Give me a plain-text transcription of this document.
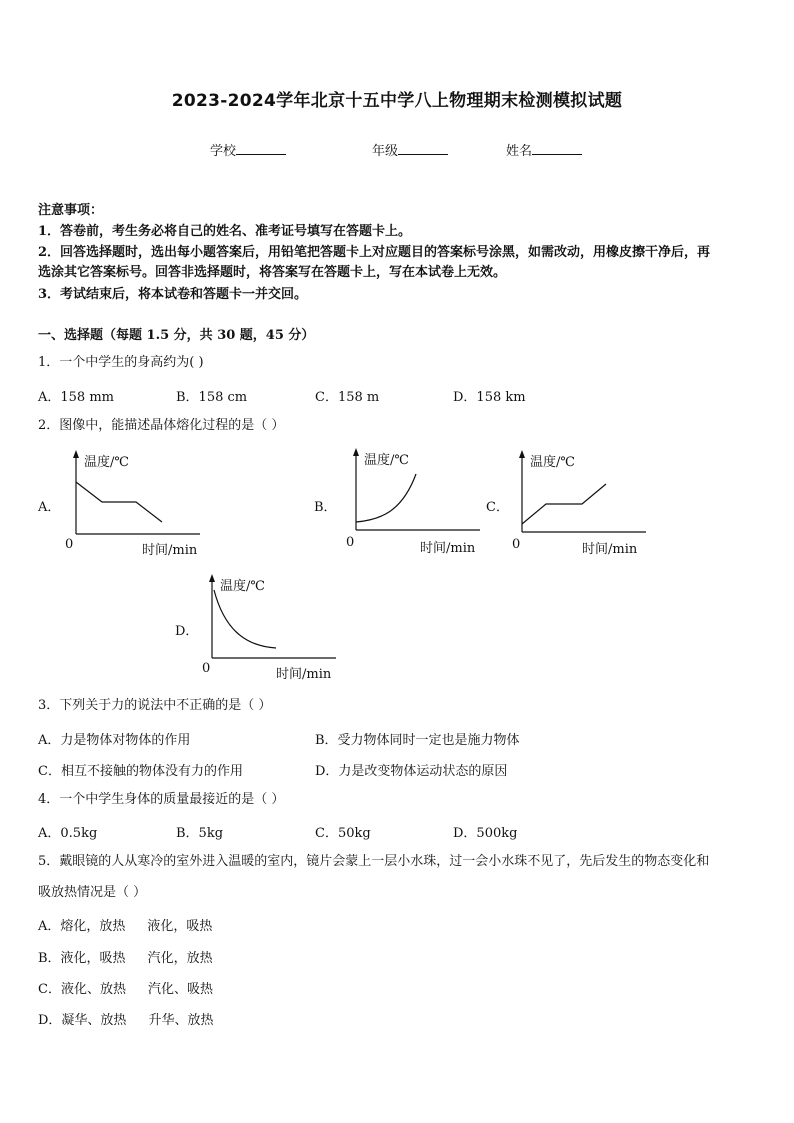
2023-2024学年北京十五中学八上物理期末检测模拟试题
学校	年级	姓名
注意事项：
1．答卷前，考生务必将自己的姓名、准考证号填写在答题卡上。
2．回答选择题时，选出每小题答案后，用铅笔把答题卡上对应题目的答案标号涂黑，如需改动，用橡皮擦干净后，再
选涂其它答案标号。回答非选择题时，将答案写在答题卡上，写在本试卷上无效。
3．考试结束后，将本试卷和答题卡一并交回。
一、选择题（每题 1.5 分，共 30 题，45 分）
1．一个中学生的身高约为( )
A．158 mm	B．158 cm	C．158 m	D．158 km
2．图像中，能描述晶体熔化过程的是（ ）
A．
温度/℃
0	时间/min
B．
温度/℃
0	时间/min
C．
温度/℃
0	时间/min
D．
温度/℃
0	时间/min
3．下列关于力的说法中不正确的是（ ）
A．力是物体对物体的作用	B．受力物体同时一定也是施力物体
C．相互不接触的物体没有力的作用	D．力是改变物体运动状态的原因
4．一个中学生身体的质量最接近的是（ ）
A．0.5kg	B．5kg	C．50kg	D．500kg
5．戴眼镜的人从寒冷的室外进入温暖的室内，镜片会蒙上一层小水珠，过一会小水珠不见了，先后发生的物态变化和
吸放热情况是（ ）
A．熔化，放热 液化，吸热
B．液化，吸热 汽化，放热
C．液化、放热 汽化、吸热
D．凝华、放热 升华、放热
